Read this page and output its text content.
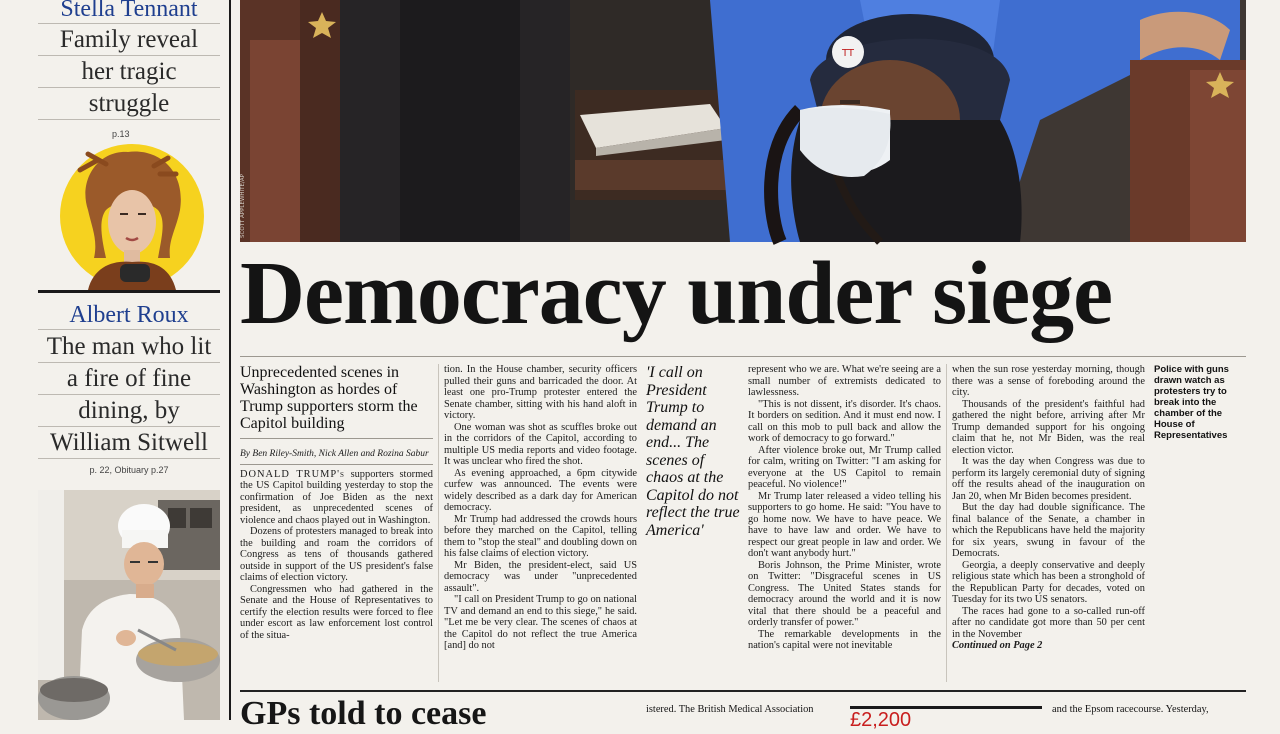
Stella Tennant
Family reveal
her tragic
struggle
p.13
Albert Roux
The man who lit
a fire of fine
dining, by
William Sitwell
p. 22, Obituary p.27
TT
SCOTT APPLEWHITE/AP
Democracy under siege
Unprecedented scenes in Washington as hordes of Trump supporters storm the Capitol building
By Ben Riley-Smith, Nick Allen and Rozina Sabur

DONALD TRUMP's supporters stormed the US Capitol building yesterday to stop the confirmation of Joe Biden as the next president, as unprecedented scenes of violence and chaos played out in Washington.

Dozens of protesters managed to break into the building and roam the corridors of Congress as tens of thousands gathered outside in support of the US president's false claims of election victory.

Congressmen who had gathered in the Senate and the House of Representatives to certify the election results were forced to flee under escort as law enforcement lost control of the situa-

tion. In the House chamber, security officers pulled their guns and barricaded the door. At least one pro-Trump protester entered the Senate chamber, sitting with his hand aloft in victory.

One woman was shot as scuffles broke out in the corridors of the Capitol, according to multiple US media reports and video footage. It was unclear who fired the shot.

As evening approached, a 6pm citywide curfew was announced. The events were widely described as a dark day for American democracy.

Mr Trump had addressed the crowds hours before they marched on the Capitol, telling them to "stop the steal" and doubling down on his false claims of election victory.

Mr Biden, the president-elect, said US democracy was under "unprecedented assault".

"I call on President Trump to go on national TV and demand an end to this siege," he said. "Let me be very clear. The scenes of chaos at the Capitol do not reflect the true America [and] do not

'I call on President Trump to demand an end... The scenes of chaos at the Capitol do not reflect the true America'

represent who we are. What we're seeing are a small number of extremists dedicated to lawlessness.

"This is not dissent, it's disorder. It's chaos. It borders on sedition. And it must end now. I call on this mob to pull back and allow the work of democracy to go forward."

After violence broke out, Mr Trump called for calm, writing on Twitter: "I am asking for everyone at the US Capitol to remain peaceful. No violence!"

Mr Trump later released a video telling his supporters to go home. He said: "You have to go home now. We have to have peace. We have to have law and order. We have to respect our great people in law and order. We don't want anybody hurt."

Boris Johnson, the Prime Minister, wrote on Twitter: "Disgraceful scenes in US Congress. The United States stands for democracy around the world and it is now vital that there should be a peaceful and orderly transfer of power."

The remarkable developments in the nation's capital were not inevitable

when the sun rose yesterday morning, though there was a sense of foreboding around the city.

Thousands of the president's faithful had gathered the night before, arriving after Mr Trump demanded support for his ongoing claim that he, not Mr Biden, was the real election victor.

It was the day when Congress was due to perform its largely ceremonial duty of signing off the results ahead of the inauguration on Jan 20, when Mr Biden becomes president.

But the day had double significance. The final balance of the Senate, a chamber in which the Republicans have held the majority for six years, swung in favour of the Democrats.

Georgia, a deeply conservative and deeply religious state which has been a stronghold of the Republican Party for decades, voted on Tuesday for its two US senators.

The races had gone to a so-called run-off after no candidate got more than 50 per cent in the November

Continued on Page 2

Police with guns drawn watch as protesters try to break into the chamber of the House of Representatives
GPs told to cease	istered. The British Medical Association	£2,200	and the Epsom racecourse. Yesterday,
